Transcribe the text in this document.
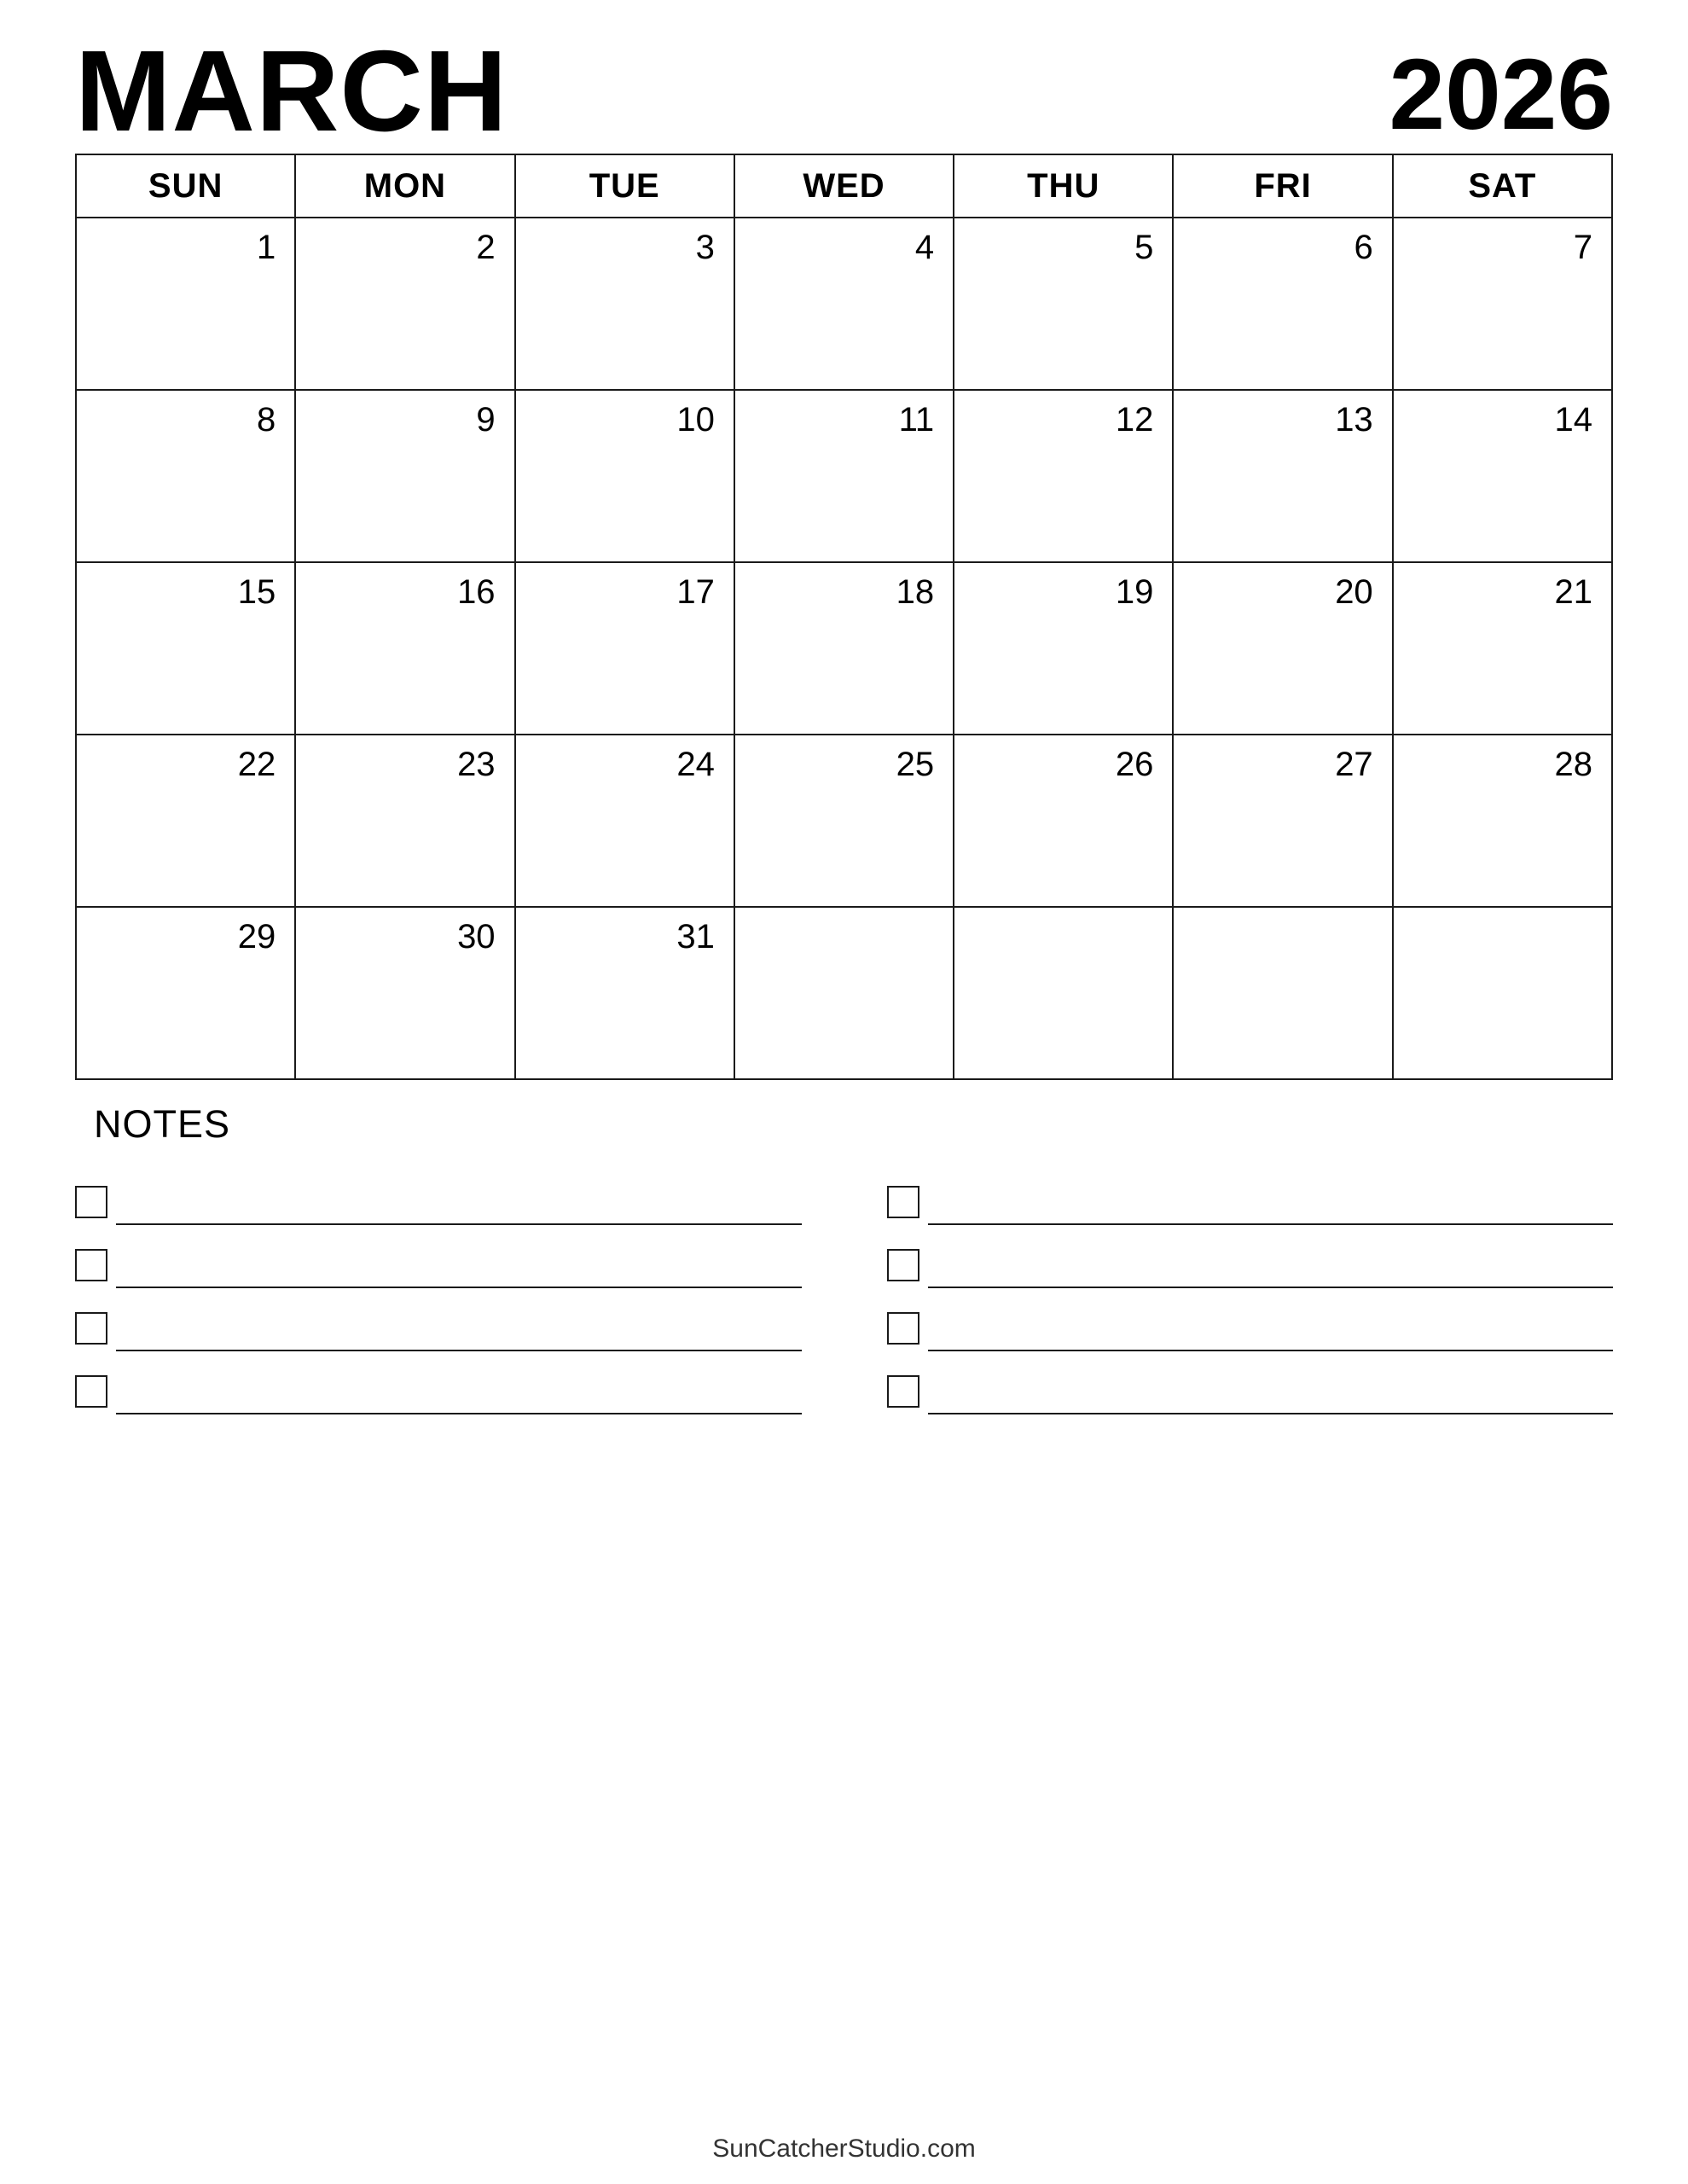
MARCH	2026
SUN	MON	TUE	WED	THU	FRI	SAT

1	2	3	4	5	6	7

8	9	10	11	12	13	14

15	16	17	18	19	20	21

22	23	24	25	26	27	28

29	30	31				

NOTES
SunCatcherStudio.com
